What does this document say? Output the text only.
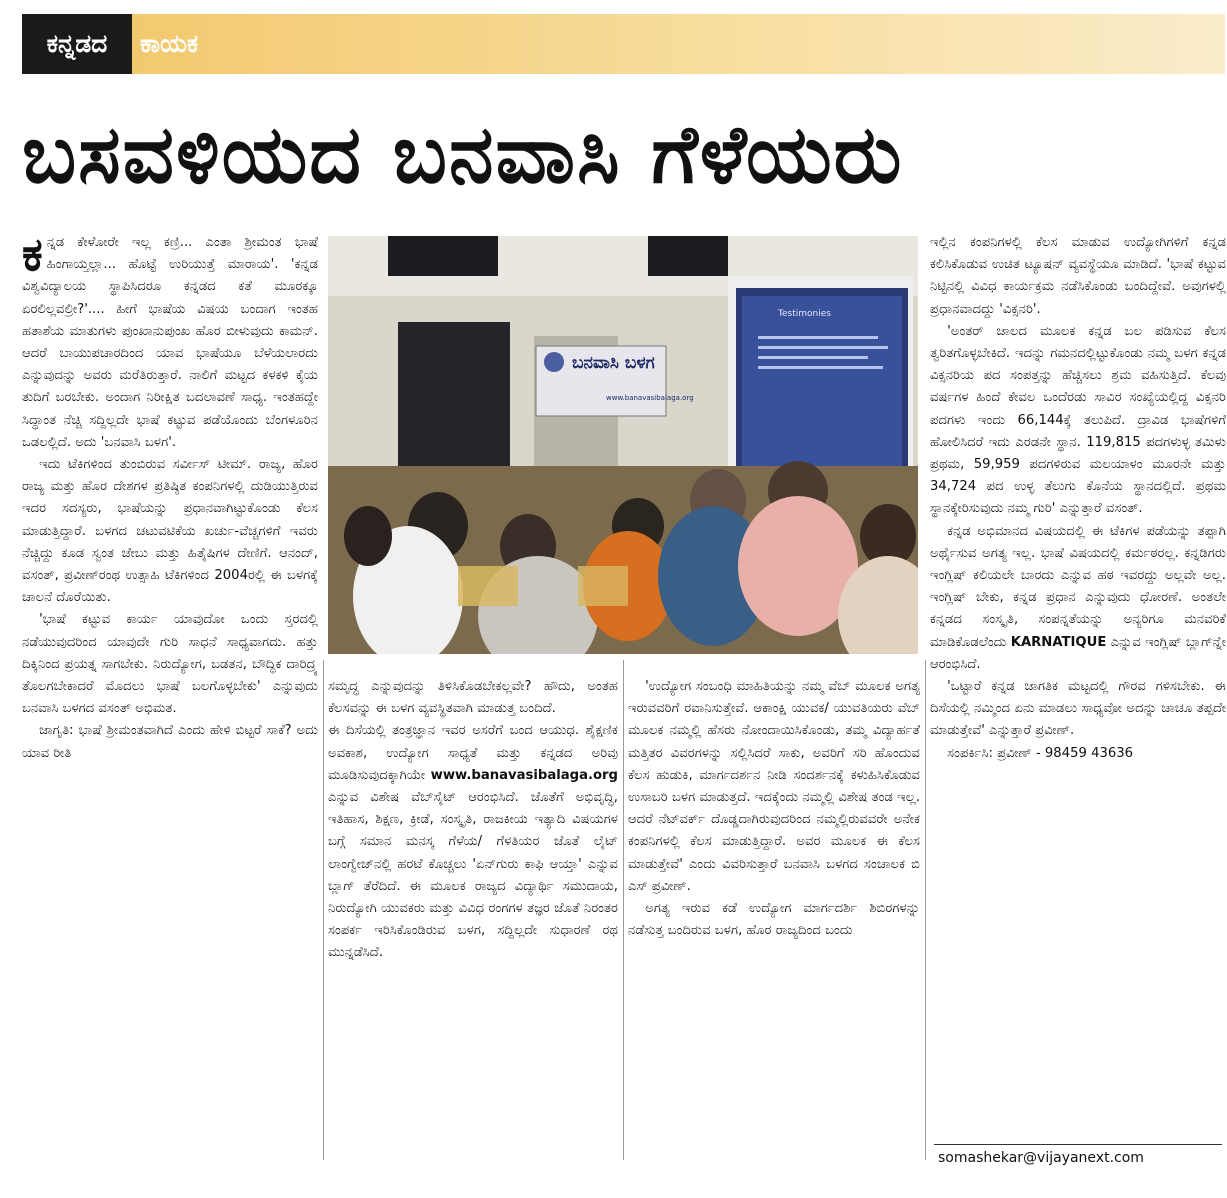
ಕನ್ನಡದ	ಕಾಯಕ
ಬಸವಳಿಯದ ಬನವಾಸಿ ಗೆಳೆಯರು

ಕನ್ನಡ ಕೇಳೋರೇ ಇಲ್ಲ ಕಣ್ರಿ... ಎಂತಾ ಶ್ರೀಮಂತ ಭಾಷೆ ಹಿಂಗಾಯ್ತಲ್ಲಾ... ಹೊಟ್ಟೆ ಉರಿಯುತ್ತೆ ಮಾರಾಯ'. 'ಕನ್ನಡ ವಿಶ್ವವಿದ್ಯಾಲಯ ಸ್ಥಾಪಿಸಿದರೂ ಕನ್ನಡದ ಕತೆ ಮೂರಕ್ಕೂ ಏರಲಿಲ್ಲವಲ್ರೀ?'.... ಹೀಗೆ ಭಾಷೆಯ ವಿಷಯ ಬಂದಾಗ ಇಂತಹ ಹತಾಶೆಯ ಮಾತುಗಳು ಪುಂಖಾನುಪುಂಖ ಹೊರ ಬೀಳುವುದು ಕಾಮನ್. ಆದರೆ ಬಾಯುಪಚಾರದಿಂದ ಯಾವ ಭಾಷೆಯೂ ಬೆಳೆಯಲಾರದು ಎನ್ನುವುದನ್ನು ಅವರು ಮರೆತಿರುತ್ತಾರೆ. ನಾಲಿಗೆ ಮಟ್ಟದ ಕಳಕಳಿ ಕೈಯ ತುದಿಗೆ ಬರಬೇಕು. ಅಂದಾಗ ನಿರೀಕ್ಷಿತ ಬದಲಾವಣೆ ಸಾಧ್ಯ. ಇಂತಹದ್ದೇ ಸಿದ್ಧಾಂತ ನೆಚ್ಚಿ ಸದ್ದಿಲ್ಲದೇ ಭಾಷೆ ಕಟ್ಟುವ ಪಡೆಯೊಂದು ಬೆಂಗಳೂರಿನ ಒಡಲಲ್ಲಿದೆ. ಅದು 'ಬನವಾಸಿ ಬಳಗ'.

ಇದು ಟೆಕಿಗಳಿಂದ ತುಂಬಿರುವ ಸರ್ವೀಸ್ ಟೀಮ್. ರಾಜ್ಯ, ಹೊರ ರಾಜ್ಯ ಮತ್ತು ಹೊರ ದೇಶಗಳ ಪ್ರತಿಷ್ಠಿತ ಕಂಪನಿಗಳಲ್ಲಿ ದುಡಿಯುತ್ತಿರುವ ಇದರ ಸದಸ್ಯರು, ಭಾಷೆಯನ್ನು ಪ್ರಧಾನವಾಗಿಟ್ಟುಕೊಂಡು ಕೆಲಸ ಮಾಡುತ್ತಿದ್ದಾರೆ. ಬಳಗದ ಚಟುವಟಿಕೆಯ ಖರ್ಚು-ವೆಚ್ಚಗಳಿಗೆ ಇವರು ನೆಚ್ಚಿದ್ದು ಕೂಡ ಸ್ವಂತ ಜೇಬು ಮತ್ತು ಹಿತೈಷಿಗಳ ದೇಣಿಗೆ. ಆನಂದ್, ವಸಂತ್, ಪ್ರವೀಣ್‌ರಂಥ ಉತ್ಸಾಹಿ ಟೆಕಿಗಳಿಂದ 2004ರಲ್ಲಿ ಈ ಬಳಗಕ್ಕೆ ಚಾಲನೆ ದೊರೆಯಿತು.

'ಭಾಷೆ ಕಟ್ಟುವ ಕಾರ್ಯ ಯಾವುದೋ ಒಂದು ಸ್ತರದಲ್ಲಿ ನಡೆಯುವುದರಿಂದ ಯಾವುದೇ ಗುರಿ ಸಾಧನೆ ಸಾಧ್ಯವಾಗದು. ಹತ್ತು ದಿಕ್ಕಿನಿಂದ ಪ್ರಯತ್ನ ಸಾಗಬೇಕು. ನಿರುದ್ಯೋಗ, ಬಡತನ, ಬೌದ್ಧಿಕ ದಾರಿದ್ರ್ಯ ತೊಲಗಬೇಕಾದರೆ ಮೊದಲು ಭಾಷೆ ಬಲಗೊಳ್ಳಬೇಕು' ಎನ್ನುವುದು ಬನವಾಸಿ ಬಳಗದ ವಸಂತ್ ಅಭಿಮತ.

ಜಾಗೃತಿ: ಭಾಷೆ ಶ್ರೀಮಂತವಾಗಿದೆ ಎಂದು ಹೇಳಿ ಬಿಟ್ಟರೆ ಸಾಕೆ? ಅದು ಯಾವ ರೀತಿ

ಬನವಾಸಿ ಬಳಗ
www.banavasibalaga.org
Testimonies

ಸಮೃದ್ಧ ಎನ್ನುವುದನ್ನು ತಿಳಿಸಿಕೊಡಬೇಕಲ್ಲವೇ? ಹೌದು, ಅಂತಹ ಕೆಲಸವನ್ನು ಈ ಬಳಗ ವ್ಯವಸ್ಥಿತವಾಗಿ ಮಾಡುತ್ತ ಬಂದಿದೆ.

ಈ ದಿಸೆಯಲ್ಲಿ ತಂತ್ರಜ್ಞಾನ ಇವರ ಅಸರೆಗೆ ಬಂದ ಆಯುಧ. ಶೈಕ್ಷಣಿಕ ಅವಕಾಶ, ಉದ್ಯೋಗ ಸಾಧ್ಯತೆ ಮತ್ತು ಕನ್ನಡದ ಅರಿವು ಮೂಡಿಸುವುದಕ್ಕಾಗಿಯೇ www.banavasibalaga.org ಎನ್ನುವ ವಿಶೇಷ ವೆಬ್‌ಸೈಟ್ ಆರಂಭಿಸಿದೆ. ಜೊತೆಗೆ ಅಭಿವೃದ್ಧಿ, ಇತಿಹಾಸ, ಶಿಕ್ಷಣ, ಕ್ರೀಡೆ, ಸಂಸ್ಕೃತಿ, ರಾಜಕೀಯ ಇತ್ಯಾದಿ ವಿಷಯಗಳ ಬಗ್ಗೆ ಸಮಾನ ಮನಸ್ಕ ಗೆಳೆಯ/ ಗೆಳತಿಯರ ಜೊತೆ ಲೈಟ್ ಲಾಂಗ್ವೇಜ್‌ನಲ್ಲಿ ಹರಟೆ ಕೊಚ್ಚಲು 'ಏನ್‌ಗುರು ಕಾಫಿ ಆಯ್ತಾ' ಎನ್ನುವ ಬ್ಲಾಗ್ ತೆರೆದಿದೆ. ಈ ಮೂಲಕ ರಾಜ್ಯದ ವಿದ್ಯಾರ್ಥಿ ಸಮುದಾಯ, ನಿರುದ್ಯೋಗಿ ಯುವಕರು ಮತ್ತು ವಿವಿಧ ರಂಗಗಳ ತಜ್ಞರ ಜೊತೆ ನಿರಂತರ ಸಂಪರ್ಕ ಇರಿಸಿಕೊಂಡಿರುವ ಬಳಗ, ಸದ್ದಿಲ್ಲದೇ ಸುಧಾರಣೆ ರಥ ಮುನ್ನಡೆಸಿದೆ.

'ಉದ್ಯೋಗ ಸಂಬಂಧಿ ಮಾಹಿತಿಯನ್ನು ನಮ್ಮ ವೆಬ್ ಮೂಲಕ ಅಗತ್ಯ ಇರುವವರಿಗೆ ರವಾನಿಸುತ್ತೇವೆ. ಆಕಾಂಕ್ಷಿ ಯುವಕ/ ಯುವತಿಯರು ವೆಬ್ ಮೂಲಕ ನಮ್ಮಲ್ಲಿ ಹೆಸರು ನೋಂದಾಯಿಸಿಕೊಂಡು, ತಮ್ಮ ವಿದ್ಯಾರ್ಹತೆ ಮತ್ತಿತರ ವಿವರಗಳನ್ನು ಸಲ್ಲಿಸಿದರೆ ಸಾಕು, ಅವರಿಗೆ ಸರಿ ಹೊಂದುವ ಕೆಲಸ ಹುಡುಕಿ, ಮಾರ್ಗದರ್ಶನ ನೀಡಿ ಸಂದರ್ಶನಕ್ಕೆ ಕಳುಹಿಸಿಕೊಡುವ ಉಸಾಬರಿ ಬಳಗ ಮಾಡುತ್ತದೆ. ಇದಕ್ಕೆಂದು ನಮ್ಮಲ್ಲಿ ವಿಶೇಷ ತಂಡ ಇಲ್ಲ. ಆದರೆ ನೆಟ್‌ವರ್ಕ್ ದೊಡ್ಡದಾಗಿರುವುದರಿಂದ ನಮ್ಮಲ್ಲಿರುವವರೇ ಅನೇಕ ಕಂಪನಿಗಳಲ್ಲಿ ಕೆಲಸ ಮಾಡುತ್ತಿದ್ದಾರೆ. ಅವರ ಮೂಲಕ ಈ ಕೆಲಸ ಮಾಡುತ್ತೇವೆ' ಎಂದು ವಿವರಿಸುತ್ತಾರೆ ಬನವಾಸಿ ಬಳಗದ ಸಂಚಾಲಕ ಬಿ ಎಸ್ ಪ್ರವೀಣ್.

ಅಗತ್ಯ ಇರುವ ಕಡೆ ಉದ್ಯೋಗ ಮಾರ್ಗದರ್ಶಿ ಶಿಬಿರಗಳನ್ನು ನಡೆಸುತ್ತ ಬಂದಿರುವ ಬಳಗ, ಹೊರ ರಾಜ್ಯದಿಂದ ಬಂದು

ಇಲ್ಲಿನ ಕಂಪನಿಗಳಲ್ಲಿ ಕೆಲಸ ಮಾಡುವ ಉದ್ಯೋಗಿಗಳಿಗೆ ಕನ್ನಡ ಕಲಿಸಿಕೊಡುವ ಉಚಿತ ಟ್ಯೂಷನ್ ವ್ಯವಸ್ಥೆಯೂ ಮಾಡಿದೆ. 'ಭಾಷೆ ಕಟ್ಟುವ ನಿಟ್ಟಿನಲ್ಲಿ ವಿವಿಧ ಕಾರ್ಯಕ್ರಮ ನಡೆಸಿಕೊಂಡು ಬಂದಿದ್ದೇವೆ. ಅವುಗಳಲ್ಲಿ ಪ್ರಧಾನವಾದದ್ದು 'ವಿಕ್ಸನರಿ'.

'ಅಂತರ್ ಜಾಲದ ಮೂಲಕ ಕನ್ನಡ ಬಲ ಪಡಿಸುವ ಕೆಲಸ ತ್ವರಿತಗೊಳ್ಳಬೇಕಿದೆ. ಇದನ್ನು ಗಮನದಲ್ಲಿಟ್ಟುಕೊಂಡು ನಮ್ಮ ಬಳಗ ಕನ್ನಡ ವಿಕ್ಸನರಿಯ ಪದ ಸಂಪತ್ತನ್ನು ಹೆಚ್ಚಿಸಲು ಶ್ರಮ ವಹಿಸುತ್ತಿದೆ. ಕೆಲವು ವರ್ಷಗಳ ಹಿಂದೆ ಕೇವಲ ಒಂದೆರಡು ಸಾವಿರ ಸಂಖ್ಯೆಯಲ್ಲಿದ್ದ ವಿಕ್ಸನರಿ ಪದಗಳು ಇಂದು 66,144ಕ್ಕೆ ತಲುಪಿದೆ. ದ್ರಾವಿಡ ಭಾಷೆಗಳಿಗೆ ಹೋಲಿಸಿದರೆ ಇದು ಎರಡನೇ ಸ್ಥಾನ. 119,815 ಪದಗಳುಳ್ಳ ತಮಿಳು ಪ್ರಥಮ, 59,959 ಪದಗಳಿರುವ ಮಲಯಾಳಂ ಮೂರನೇ ಮತ್ತು 34,724 ಪದ ಉಳ್ಳ ತೆಲುಗು ಕೊನೆಯ ಸ್ಥಾನದಲ್ಲಿದೆ. ಪ್ರಥಮ ಸ್ಥಾನಕ್ಕೇರಿಸುವುದು ನಮ್ಮ ಗುರಿ' ಎನ್ನುತ್ತಾರೆ ವಸಂತ್.

ಕನ್ನಡ ಅಭಿಮಾನದ ವಿಷಯದಲ್ಲಿ ಈ ಟೆಕಿಗಳ ಪಡೆಯನ್ನು ತಪ್ಪಾಗಿ ಅರ್ಥೈಸುವ ಅಗತ್ಯ ಇಲ್ಲ. ಭಾಷೆ ವಿಷಯದಲ್ಲಿ ಕರ್ಮಠರಲ್ಲ. ಕನ್ನಡಿಗರು ಇಂಗ್ಲಿಷ್ ಕಲಿಯಲೇ ಬಾರದು ಎನ್ನುವ ಹಠ ಇವರದ್ದು ಅಲ್ಲವೇ ಅಲ್ಲ. ಇಂಗ್ಲಿಷ್ ಬೇಕು, ಕನ್ನಡ ಪ್ರಧಾನ ಎನ್ನುವುದು ಧೋರಣೆ. ಅಂತಲೇ ಕನ್ನಡದ ಸಂಸ್ಕೃತಿ, ಸಂಪನ್ನತೆಯನ್ನು ಅನ್ಯರಿಗೂ ಮನವರಿಕೆ ಮಾಡಿಕೊಡಲೆಂದು KARNATIQUE ಎನ್ನುವ ಇಂಗ್ಲಿಷ್ ಬ್ಲಾಗ್‌ನ್ನೇ ಆರಂಭಿಸಿದೆ.

'ಒಟ್ಟಾರೆ ಕನ್ನಡ ಜಾಗತಿಕ ಮಟ್ಟದಲ್ಲಿ ಗೌರವ ಗಳಿಸಬೇಕು. ಈ ದಿಸೆಯಲ್ಲಿ ನಮ್ಮಿಂದ ಏನು ಮಾಡಲು ಸಾಧ್ಯವೋ ಅದನ್ನು ಚಾಚೂ ತಪ್ಪದೇ ಮಾಡುತ್ತೇವೆ' ಎನ್ನುತ್ತಾರೆ ಪ್ರವೀಣ್.

ಸಂಪರ್ಕಿಸಿ: ಪ್ರವೀಣ್ - 98459 43636

somashekar@vijayanext.com
